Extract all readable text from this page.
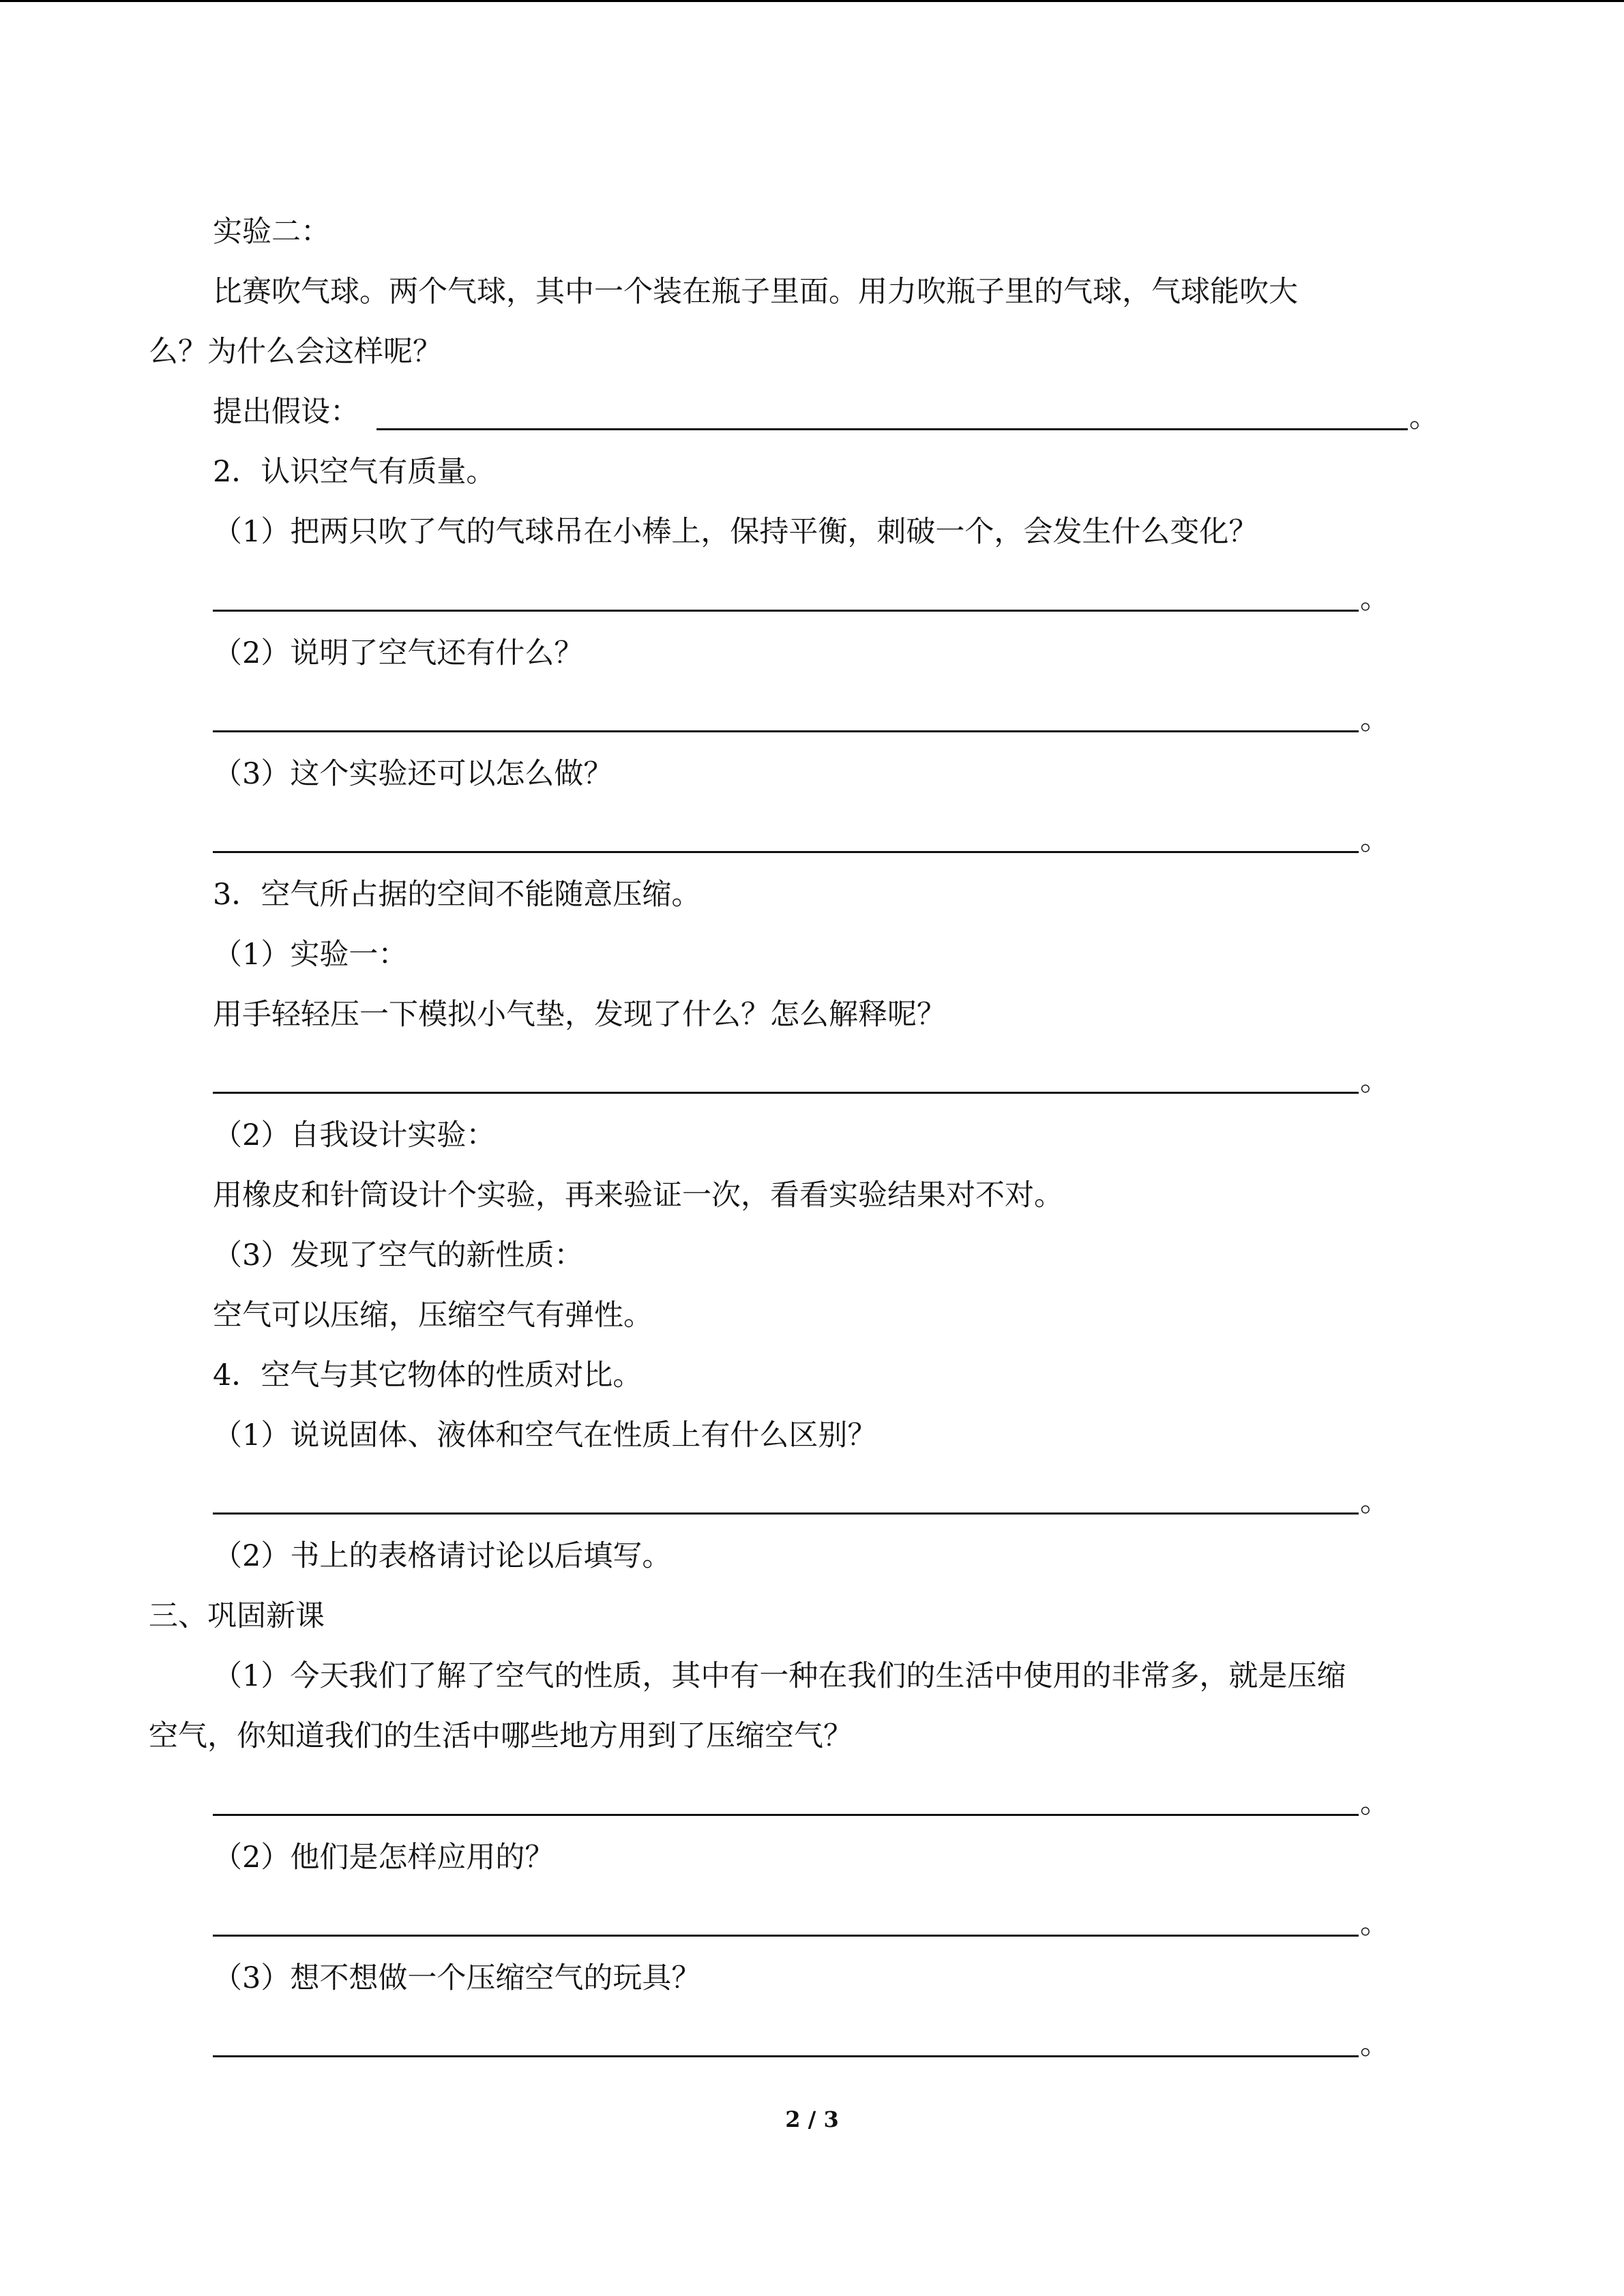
实验二：
比赛吹气球。两个气球，其中一个装在瓶子里面。用力吹瓶子里的气球，气球能吹大
么？为什么会这样呢？
提出假设：	。
2．认识空气有质量。
（1）把两只吹了气的气球吊在小棒上，保持平衡，刺破一个，会发生什么变化？
。
（2）说明了空气还有什么？
。
（3）这个实验还可以怎么做？
。
3．空气所占据的空间不能随意压缩。
（1）实验一：
用手轻轻压一下模拟小气垫，发现了什么？怎么解释呢？
。
（2）自我设计实验：
用橡皮和针筒设计个实验，再来验证一次，看看实验结果对不对。
（3）发现了空气的新性质：
空气可以压缩，压缩空气有弹性。
4．空气与其它物体的性质对比。
（1）说说固体、液体和空气在性质上有什么区别？
。
（2）书上的表格请讨论以后填写。
三、巩固新课
（1）今天我们了解了空气的性质，其中有一种在我们的生活中使用的非常多，就是压缩
空气，你知道我们的生活中哪些地方用到了压缩空气？
。
（2）他们是怎样应用的？
。
（3）想不想做一个压缩空气的玩具？
。
2 / 3
